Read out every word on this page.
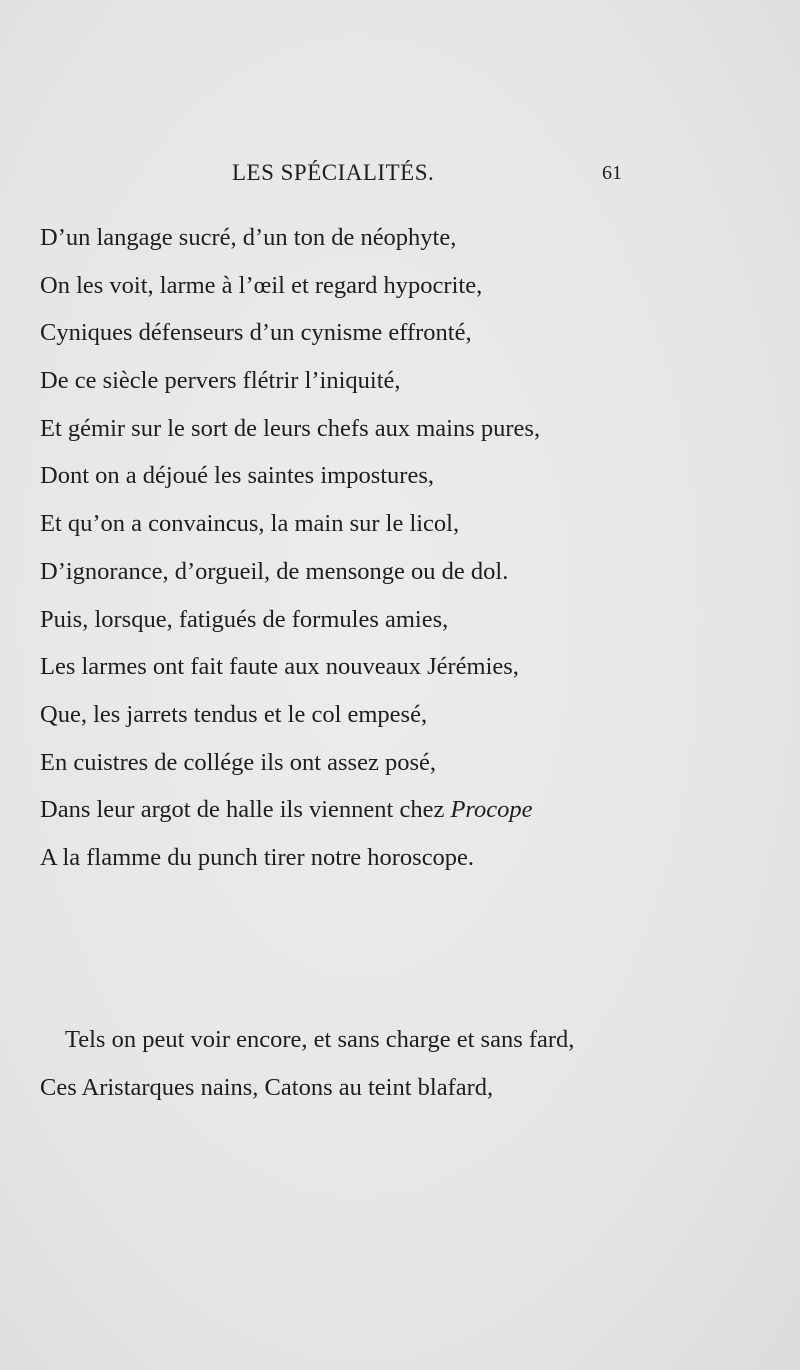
LES SPÉCIALITÉS.	61
D’un langage sucré, d’un ton de néophyte,
On les voit, larme à l’œil et regard hypocrite,
Cyniques défenseurs d’un cynisme effronté,
De ce siècle pervers flétrir l’iniquité,
Et gémir sur le sort de leurs chefs aux mains pures,
Dont on a déjoué les saintes impostures,
Et qu’on a convaincus, la main sur le licol,
D’ignorance, d’orgueil, de mensonge ou de dol.
Puis, lorsque, fatigués de formules amies,
Les larmes ont fait faute aux nouveaux Jérémies,
Que, les jarrets tendus et le col empesé,
En cuistres de collége ils ont assez posé,
Dans leur argot de halle ils viennent chez Procope
A la flamme du punch tirer notre horoscope.
Tels on peut voir encore, et sans charge et sans fard,
Ces Aristarques nains, Catons au teint blafard,
